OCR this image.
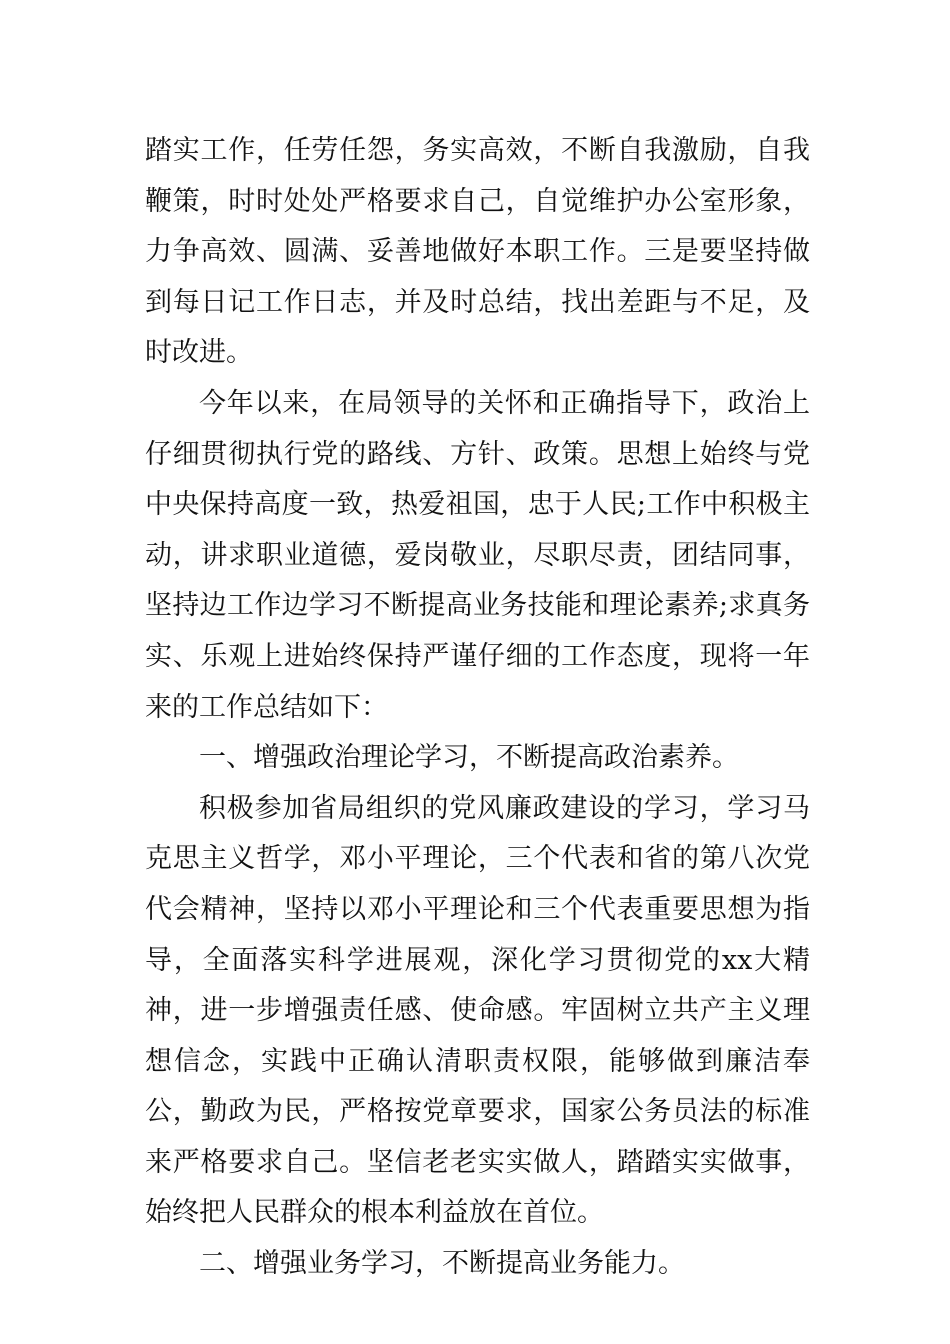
踏实工作，任劳任怨，务实高效，不断自我激励，自我鞭策，时时处处严格要求自己，自觉维护办公室形象，力争高效、圆满、妥善地做好本职工作。三是要坚持做到每日记工作日志，并及时总结，找出差距与不足，及时改进。

今年以来，在局领导的关怀和正确指导下，政治上仔细贯彻执行党的路线、方针、政策。思想上始终与党中央保持高度一致，热爱祖国，忠于人民;工作中积极主动，讲求职业道德，爱岗敬业，尽职尽责，团结同事，坚持边工作边学习不断提高业务技能和理论素养;求真务实、乐观上进始终保持严谨仔细的工作态度，现将一年来的工作总结如下：

一、增强政治理论学习，不断提高政治素养。

积极参加省局组织的党风廉政建设的学习，学习马克思主义哲学，邓小平理论，三个代表和省的第八次党代会精神，坚持以邓小平理论和三个代表重要思想为指导，全面落实科学进展观，深化学习贯彻党的xx大精神，进一步增强责任感、使命感。牢固树立共产主义理想信念，实践中正确认清职责权限，能够做到廉洁奉公，勤政为民，严格按党章要求，国家公务员法的标准来严格要求自己。坚信老老实实做人，踏踏实实做事，始终把人民群众的根本利益放在首位。

二、增强业务学习，不断提高业务能力。
